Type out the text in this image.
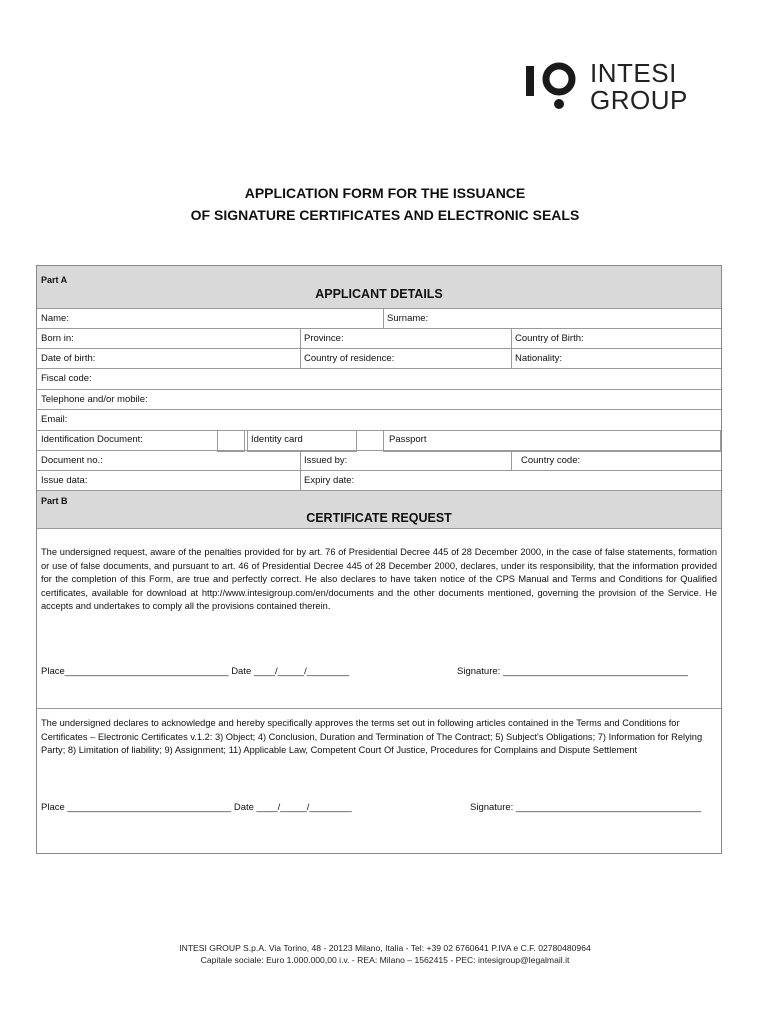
INTESI
GROUP
APPLICATION FORM FOR THE ISSUANCE
OF SIGNATURE CERTIFICATES AND ELECTRONIC SEALS
Part A
APPLICANT DETAILS
Name:	Surname:
Born in:	Province:	Country of Birth:
Date of birth:	Country of residence:	Nationality:
Fiscal code:
Telephone and/or mobile:
Email:
Identification Document:	Identity card	Passport
Document no.:	Issued by:	Country code:
Issue data:	Expiry date:
Part B
CERTIFICATE REQUEST
The undersigned request, aware of the penalties provided for by art. 76 of Presidential Decree 445 of 28 December 2000, in the case of false statements, formation or use of false documents, and pursuant to art. 46 of Presidential Decree 445 of 28 December 2000, declares, under its responsibility, that the information provided for the completion of this Form, are true and perfectly correct. He also declares to have taken notice of the CPS Manual and Terms and Conditions for Qualified certificates, available for download at http://www.intesigroup.com/en/documents and the other documents mentioned, governing the provision of the Service. He accepts and undertakes to comply all the provisions contained therein.
Place_______________________________ Date ____/_____/________	Signature: ___________________________________
The undersigned declares to acknowledge and hereby specifically approves the terms set out in following articles contained in the Terms and Conditions for Certificates – Electronic Certificates v.1.2: 3) Object; 4) Conclusion, Duration and Termination of The Contract; 5) Subject's Obligations; 7) Information for Relying Party; 8) Limitation of liability; 9) Assignment; 11) Applicable Law, Competent Court Of Justice, Procedures for Complains and Dispute Settlement
Place _______________________________ Date ____/_____/________	Signature: ___________________________________
INTESI GROUP S.p.A. Via Torino, 48 - 20123 Milano, Italia - Tel: +39 02 6760641 P.IVA e C.F. 02780480964
Capitale sociale: Euro 1.000.000,00 i.v. - REA: Milano – 1562415 - PEC: intesigroup@legalmail.it
